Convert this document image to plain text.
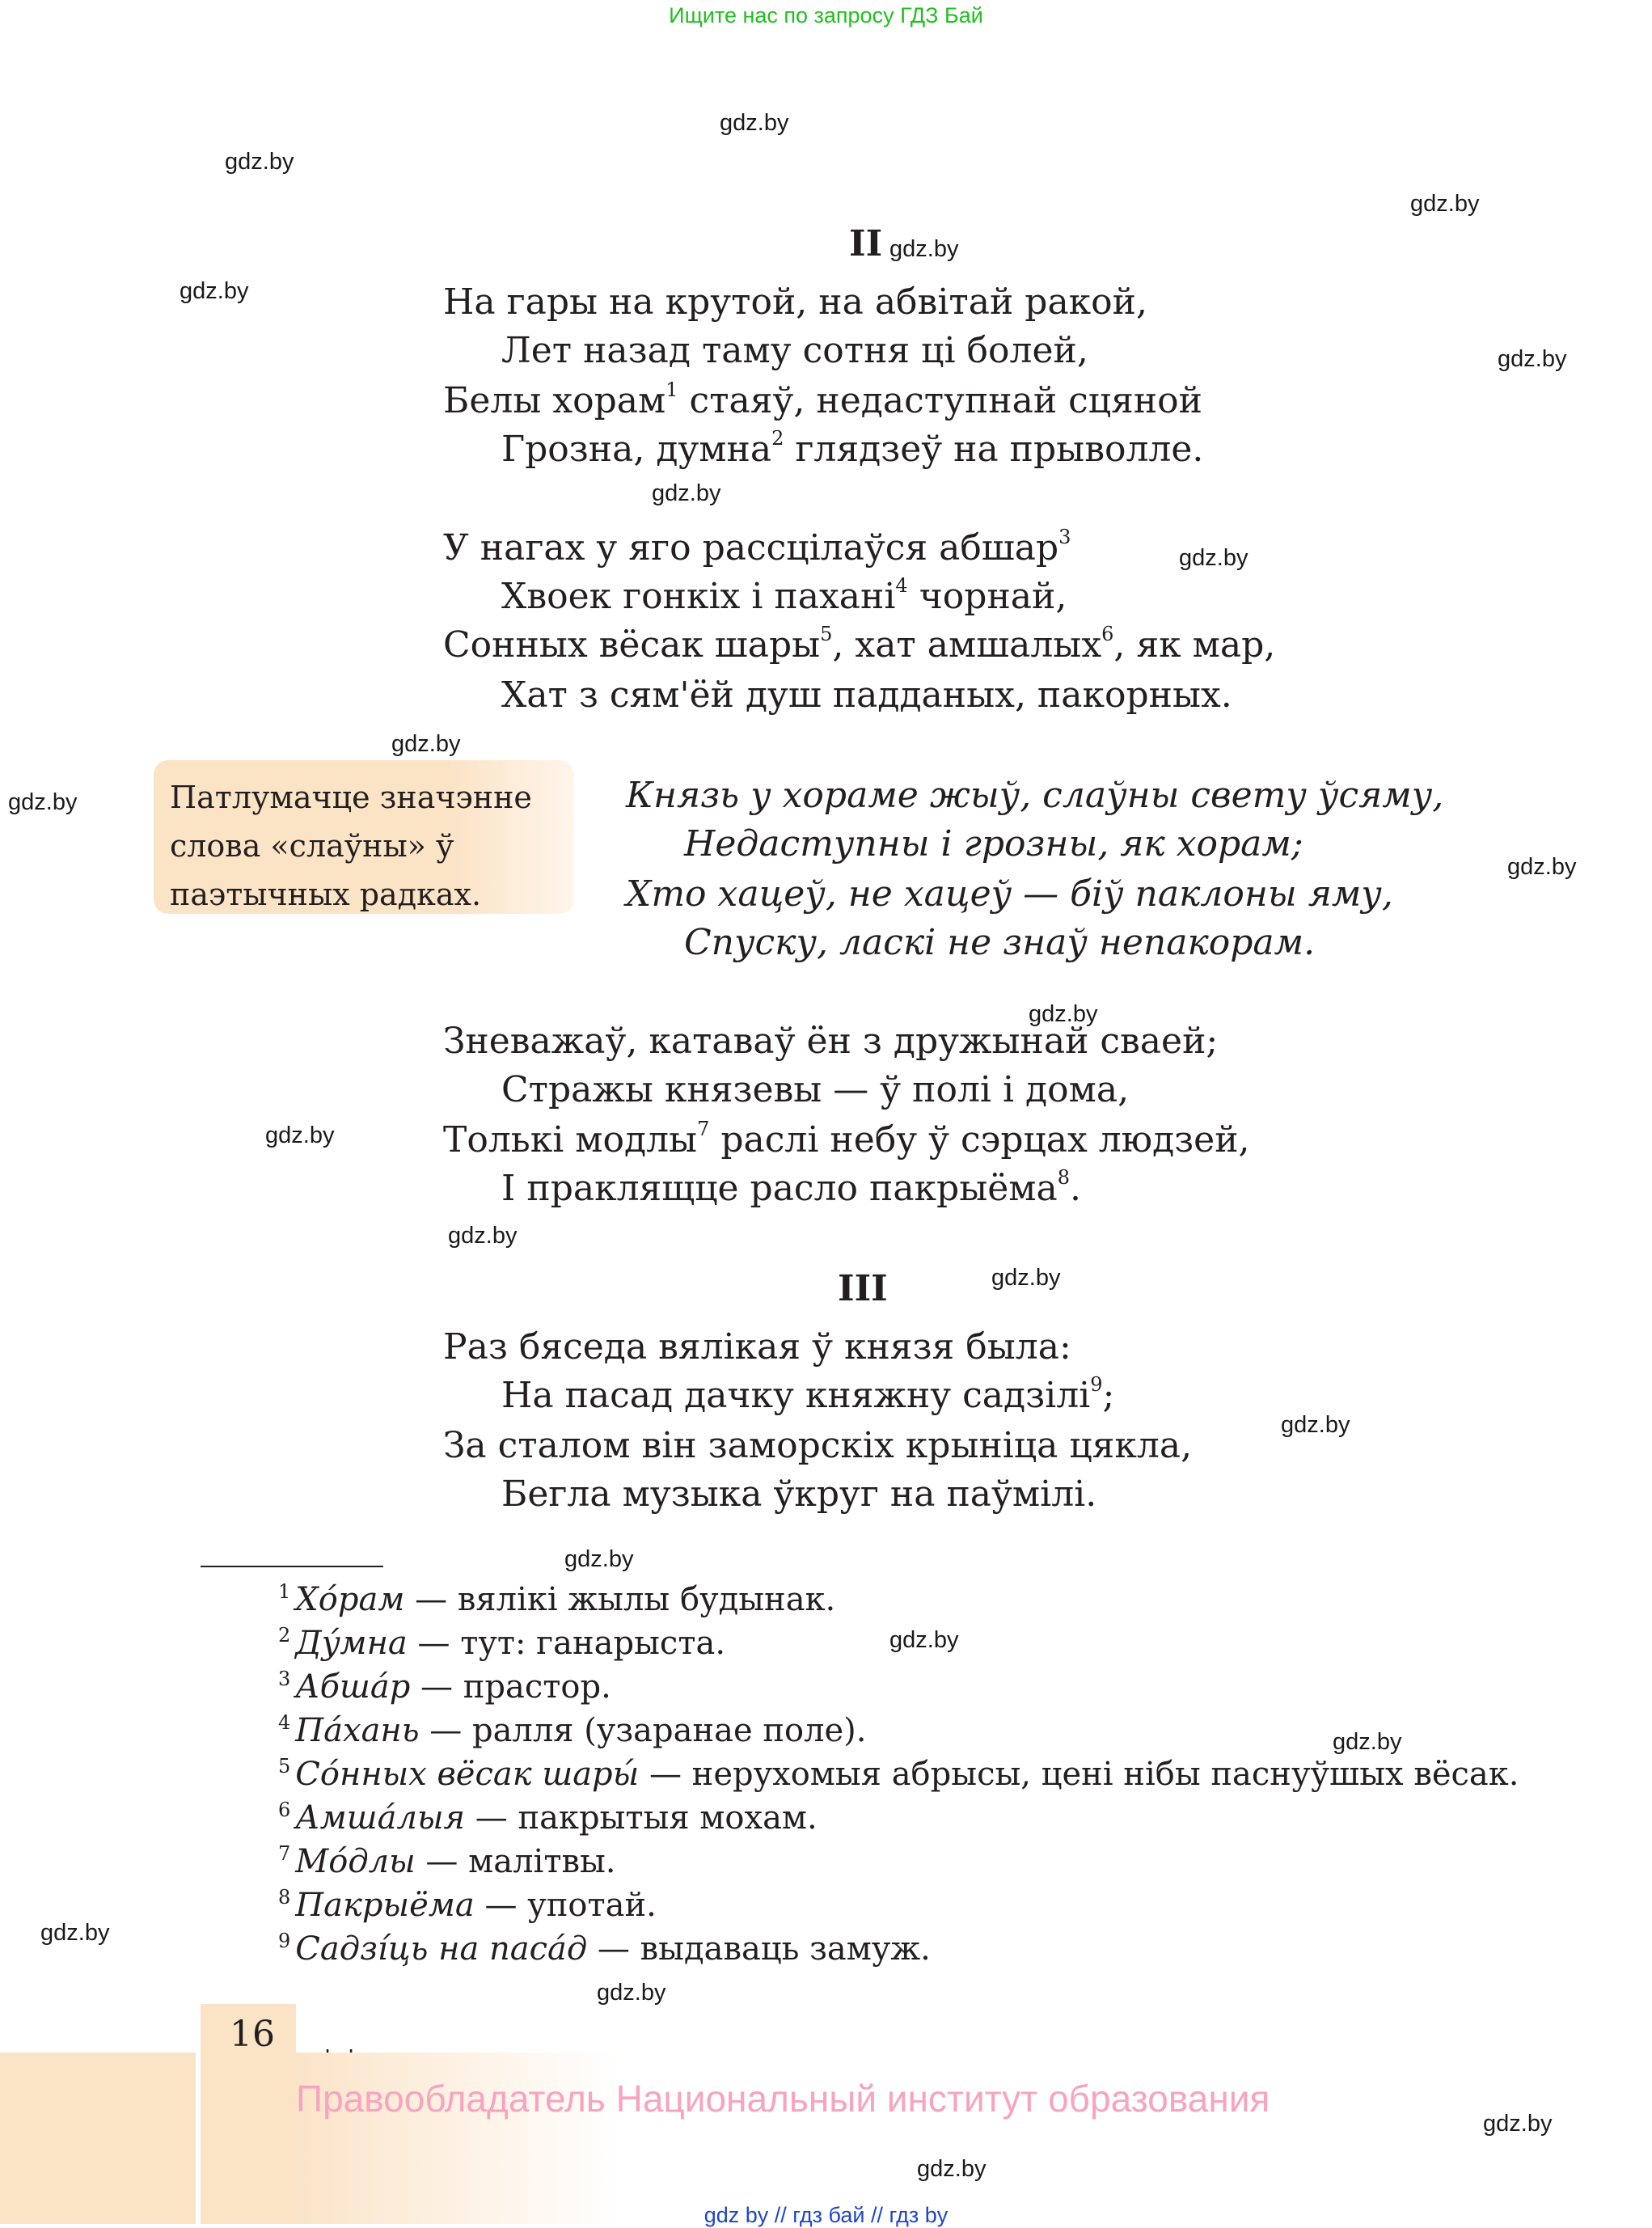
Ищите нас по запросу ГДЗ Бай
gdz.by
gdz.by
gdz.by
gdz.by
gdz.by
gdz.by
gdz.by
gdz.by
gdz.by
gdz.by
gdz.by
gdz.by
gdz.by
gdz.by
gdz.by
gdz.by
gdz.by
gdz.by
gdz.by
gdz.by
gdz.by
gdz.by
gdz.by
II
На гары на крутой, на абвітай ракой,
Лет назад таму сотня ці болей,
Белы хорам$^1$ стаяў, недаступнай сцяной
Грозна, думна$^2$ глядзеў на прыволле.
У нагах у яго рассцілаўся абшар$^3$
Хвоек гонкіх і пахані$^4$ чорнай,
Сонных вёсак шары$^5$, хат амшалых$^6$, як мар,
Хат з сям'ёй душ падданых, пакорных.
Патлумачце значэнне слова «слаўны» ў паэтычных радках.
Князь у хораме жыў, слаўны свету ўсяму,
Недаступны і грозны, як хорам;
Хто хацеў, не хацеў — біў паклоны яму,
Спуску, ласкі не знаў непакорам.
Зневажаў, катаваў ён з дружынай сваей;
Стражы князевы — ў полі і дома,
Толькі модлы$^7$ раслі небу ў сэрцах людзей,
І праклящце расло пакрыёма$^8$.
III
Раз бяседа вялікая ў князя была:
На пасад дачку княжну садзілі$^9$;
За сталом він заморскіх крыніца цякла,
Бегла музыка ўкруг на паўмілі.
$^1$ Хóрам — вялікі жылы будынак.
$^2$ Дýмна — тут: ганарыста.
$^3$ Абшáр — прастор.
$^4$ Пáхань — ралля (узаранае поле).
$^5$ Сóнных вёсак шары́ — нерухомыя абрысы, цені нібы паснуўшых вёсак.
$^6$ Амшáлыя — пакрытыя мохам.
$^7$ Мóдлы — малітвы.
$^8$ Пакрыёма — употай.
$^9$ Садзíць на пасáд — выдаваць замуж.
16
Правообладатель Национальный институт образования
gdz by // гдз бай // гдз by
